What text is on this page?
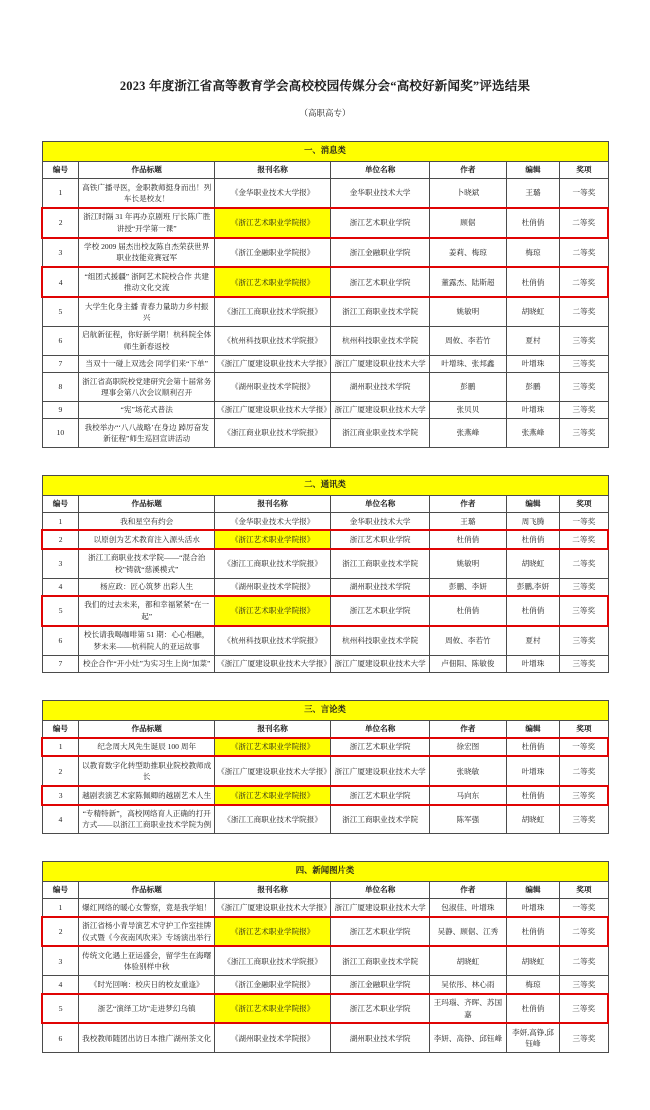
2023 年度浙江省高等教育学会高校校园传媒分会“高校好新闻奖”评选结果
（高职高专）
一、消息类						
编号	作品标题	报刊名称	单位名称	作者	编辑	奖项
1	高铁广播寻医，金职教师挺身而出！列车长是校友！	《金华职业技术大学报》	金华职业技术大学	卜晓斌	王璐	一等奖
2	浙江时隔 31 年再办京剧班 厅长陈广胜讲授“开学第一课”	《浙江艺术职业学院报》	浙江艺术职业学院	顾倨	杜俏俏	二等奖
3	学校 2009 届杰出校友陈自杰荣获世界职业技能竞赛冠军	《浙江金融职业学院报》	浙江金融职业学院	姜莉、梅琼	梅琼	二等奖
4	“组团式援疆” 浙阿艺术院校合作 共建推动文化交流	《浙江艺术职业学院报》	浙江艺术职业学院	董露杰、陆斯超	杜俏俏	二等奖
5	大学生化身主播 青春力量助力乡村振兴	《浙江工商职业技术学院报》	浙江工商职业技术学院	姚敏明	胡晓虹	二等奖
6	启航新征程，你好新学期！杭科院全体师生新春返校	《杭州科技职业技术学院报》	杭州科技职业技术学院	周攸、李若竹	夏村	三等奖
7	当双十一碰上双选会 同学们来“下单”	《浙江广厦建设职业技术大学报》	浙江广厦建设职业技术大学	叶增珠、张邦鑫	叶增珠	三等奖
8	浙江省高职院校党建研究会第十届常务理事会第八次会议顺利召开	《湖州职业技术学院报》	湖州职业技术学院	彭鹏	彭鹏	三等奖
9	“宪”场花式普法	《浙江广厦建设职业技术大学报》	浙江广厦建设职业技术大学	张贝贝	叶增珠	三等奖
10	我校举办“‘八八战略’在身边 踔厉奋发新征程”师生巡回宣讲活动	《浙江商业职业技术学院报》	浙江商业职业技术学院	张燕峰	张燕峰	三等奖
二、通讯类						
编号	作品标题	报刊名称	单位名称	作者	编辑	奖项
1	我和星空有约会	《金华职业技术大学报》	金华职业技术大学	王璐	周飞腾	一等奖
2	以原创为艺术教育注入源头活水	《浙江艺术职业学院报》	浙江艺术职业学院	杜俏俏	杜俏俏	二等奖
3	浙江工商职业技术学院——“混合治校”铸就“慈溪模式”	《浙江工商职业技术学院报》	浙江工商职业技术学院	姚敏明	胡晓虹	二等奖
4	杨应政：匠心筑梦 出彩人生	《湖州职业技术学院报》	湖州职业技术学院	彭鹏、李妍	彭鹏,李妍	三等奖
5	我们的过去未来，都和幸福紧紧“在一起”	《浙江艺术职业学院报》	浙江艺术职业学院	杜俏俏	杜俏俏	三等奖
6	校长请我喝咖啡第 51 期：心心相融，梦未来——杭科院人的亚运故事	《杭州科技职业技术学院报》	杭州科技职业技术学院	周攸、李若竹	夏村	三等奖
7	校企合作“开小灶”为实习生上岗“加菜”	《浙江广厦建设职业技术大学报》	浙江广厦建设职业技术大学	卢佃阳、陈敏俊	叶增珠	三等奖
三、言论类						
编号	作品标题	报刊名称	单位名称	作者	编辑	奖项
1	纪念周大风先生诞辰 100 周年	《浙江艺术职业学院报》	浙江艺术职业学院	徐宏图	杜俏俏	一等奖
2	以教育数字化转型助推职业院校教师成长	《浙江广厦建设职业技术大学报》	浙江广厦建设职业技术大学	张晓敏	叶增珠	二等奖
3	越剧表演艺术家陈佩卿的越剧艺术人生	《浙江艺术职业学院报》	浙江艺术职业学院	马向东	杜俏俏	三等奖
4	“专精特新”，高校网络育人正确的打开方式——以浙江工商职业技术学院为例	《浙江工商职业技术学院报》	浙江工商职业技术学院	陈军强	胡晓虹	三等奖
四、新闻图片类						
编号	作品标题	报刊名称	单位名称	作者	编辑	奖项
1	爆红网络的暖心女警察，竟是我学姐！	《浙江广厦建设职业技术大学报》	浙江广厦建设职业技术大学	包淑佳、叶增珠	叶增珠	一等奖
2	浙江省杨小青导演艺术守护工作室挂牌仪式暨《今夜南风吹来》专场演出举行	《浙江艺术职业学院报》	浙江艺术职业学院	吴静、顾倨、江秀	杜俏俏	二等奖
3	传统文化遇上亚运盛会，留学生在海曙体验别样中秋	《浙江工商职业技术学院报》	浙江工商职业技术学院	胡晓虹	胡晓虹	二等奖
4	《时光回响：校庆日的校友重逢》	《浙江金融职业学院报》	浙江金融职业学院	吴依彤、林心雨	梅琼	三等奖
5	浙艺“演绎工坊”走进梦幻乌镇	《浙江艺术职业学院报》	浙江艺术职业学院	王玛瑙、齐晖、苏国嘉	杜俏俏	三等奖
6	我校教师随团出访日本推广湖州茶文化	《湖州职业技术学院报》	湖州职业技术学院	李妍、高铮、邱钰峰	李妍,高铮,邱钰峰	三等奖
